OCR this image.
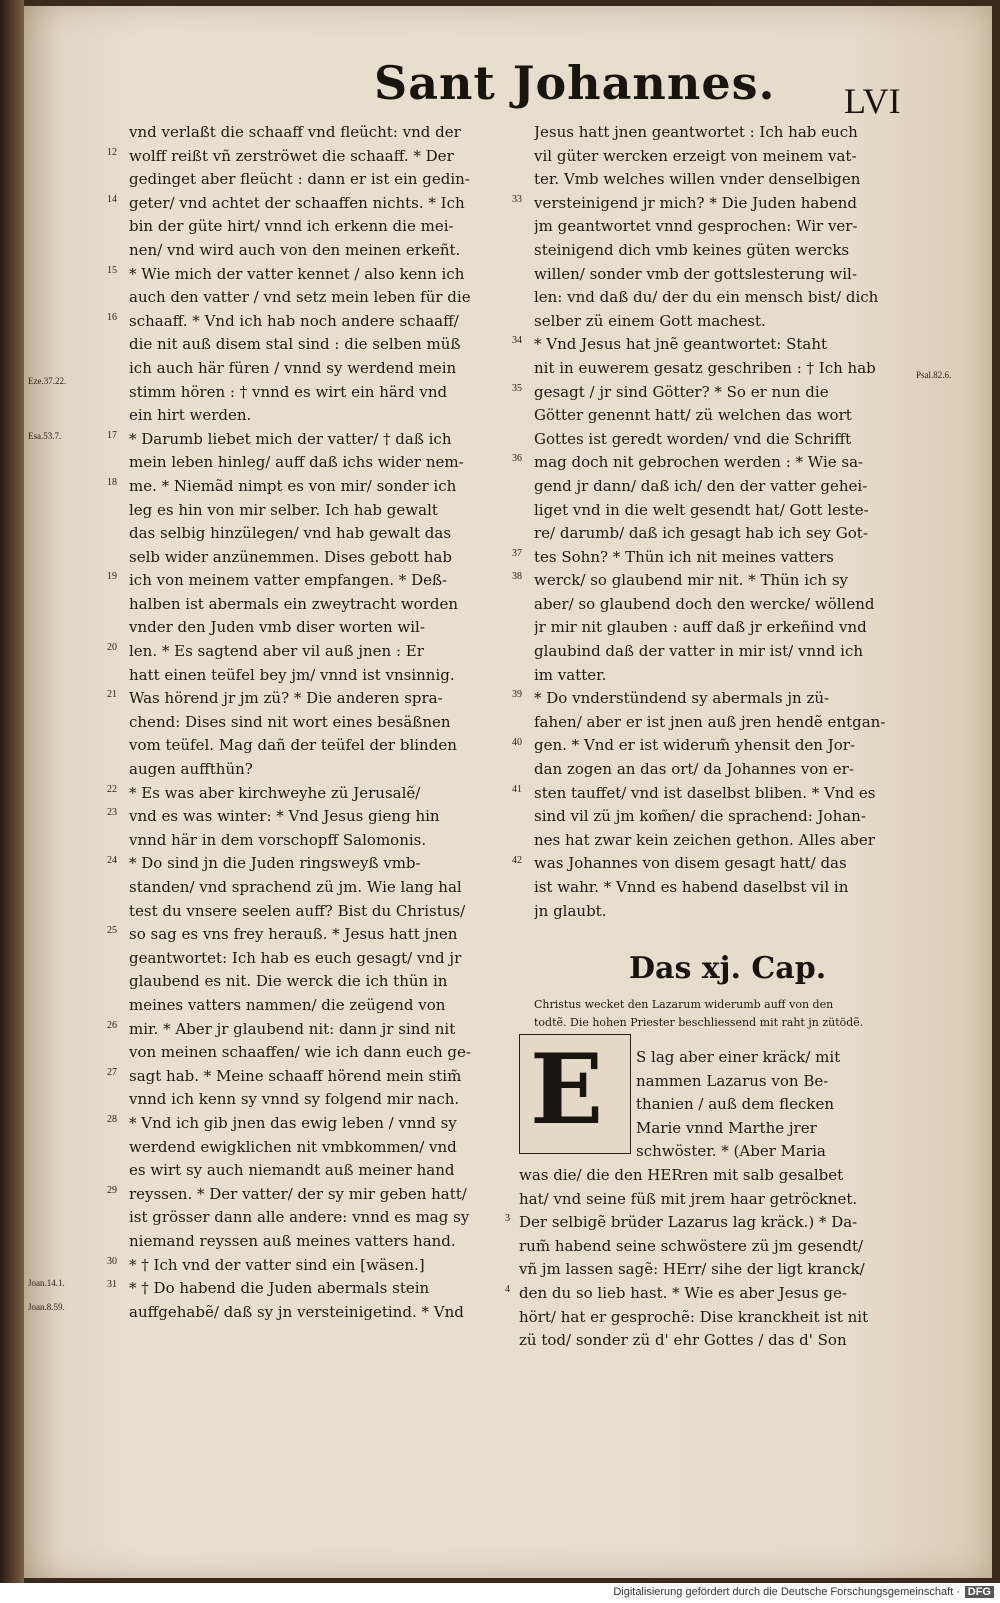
Sant Johannes. LVI
Eze.37.22.
Esa.53.7.
Psal.82.6.
Joan.14.1.
Joan.8.59.
vnd verlaßt die schaaff vnd fleücht: vnd der
wolff reißt vñ zerströwet die schaaff. * Der
12
gedinget aber fleücht : dann er ist ein gedin-
geter/ vnd achtet der schaaffen nichts. * Ich
14
bin der güte hirt/ vnnd ich erkenn die mei-
nen/ vnd wird auch von den meinen erkeñt.
* Wie mich der vatter kennet / also kenn ich
15
auch den vatter / vnd setz mein leben für die
schaaff. * Vnd ich hab noch andere schaaff/
16
die nit auß disem stal sind : die selben müß
ich auch här füren / vnnd sy werdend mein
stimm hören : † vnnd es wirt ein härd vnd
ein hirt werden.
* Darumb liebet mich der vatter/ † daß ich
17
mein leben hinleg/ auff daß ichs wider nem-
me. * Niemãd nimpt es von mir/ sonder ich
18
leg es hin von mir selber. Ich hab gewalt
das selbig hinzülegen/ vnd hab gewalt das
selb wider anzünemmen. Dises gebott hab
ich von meinem vatter empfangen. * Deß-
19
halben ist abermals ein zweytracht worden
vnder den Juden vmb diser worten wil-
len. * Es sagtend aber vil auß jnen : Er
20
hatt einen teüfel bey jm/ vnnd ist vnsinnig.
Was hörend jr jm zü? * Die anderen spra-
21
chend: Dises sind nit wort eines besäßnen
vom teüfel. Mag dañ der teüfel der blinden
augen auffthün?
* Es was aber kirchweyhe zü Jerusalẽ/
22
vnd es was winter: * Vnd Jesus gieng hin
23
vnnd här in dem vorschopff Salomonis.
* Do sind jn die Juden ringsweyß vmb-
24
standen/ vnd sprachend zü jm. Wie lang hal
test du vnsere seelen auff? Bist du Christus/
so sag es vns frey herauß. * Jesus hatt jnen
25
geantwortet: Ich hab es euch gesagt/ vnd jr
glaubend es nit. Die werck die ich thün in
meines vatters nammen/ die zeügend von
mir. * Aber jr glaubend nit: dann jr sind nit
26
von meinen schaaffen/ wie ich dann euch ge-
sagt hab. * Meine schaaff hörend mein stim̃
27
vnnd ich kenn sy vnnd sy folgend mir nach.
* Vnd ich gib jnen das ewig leben / vnnd sy
28
werdend ewigklichen nit vmbkommen/ vnd
es wirt sy auch niemandt auß meiner hand
reyssen. * Der vatter/ der sy mir geben hatt/
29
ist grösser dann alle andere: vnnd es mag sy
niemand reyssen auß meines vatters hand.
* † Ich vnd der vatter sind ein [wäsen.]
30
* † Do habend die Juden abermals stein
31
auffgehabẽ/ daß sy jn versteinigetind. * Vnd
Jesus hatt jnen geantwortet : Ich hab euch
vil güter wercken erzeigt von meinem vat-
ter. Vmb welches willen vnder denselbigen
versteinigend jr mich? * Die Juden habend
33
jm geantwortet vnnd gesprochen: Wir ver-
steinigend dich vmb keines güten wercks
willen/ sonder vmb der gottslesterung wil-
len: vnd daß du/ der du ein mensch bist/ dich
selber zü einem Gott machest.
* Vnd Jesus hat jnẽ geantwortet: Staht
34
nit in euwerem gesatz geschriben : † Ich hab
gesagt / jr sind Götter? * So er nun die
35
Götter genennt hatt/ zü welchen das wort
Gottes ist geredt worden/ vnd die Schrifft
mag doch nit gebrochen werden : * Wie sa-
36
gend jr dann/ daß ich/ den der vatter gehei-
liget vnd in die welt gesendt hat/ Gott leste-
re/ darumb/ daß ich gesagt hab ich sey Got-
tes Sohn? * Thün ich nit meines vatters
37
werck/ so glaubend mir nit. * Thün ich sy
38
aber/ so glaubend doch den wercke/ wöllend
jr mir nit glauben : auff daß jr erkeñind vnd
glaubind daß der vatter in mir ist/ vnnd ich
im vatter.
* Do vnderstündend sy abermals jn zü-
39
fahen/ aber er ist jnen auß jren hendẽ entgan-
gen. * Vnd er ist widerum̃ yhensit den Jor-
40
dan zogen an das ort/ da Johannes von er-
sten tauffet/ vnd ist daselbst bliben. * Vnd es
41
sind vil zü jm kom̃en/ die sprachend: Johan-
nes hat zwar kein zeichen gethon. Alles aber
was Johannes von disem gesagt hatt/ das
42
ist wahr. * Vnnd es habend daselbst vil in
jn glaubt.
Das xj. Cap.
Christus wecket den Lazarum widerumb auff von den
todtẽ. Die hohen Priester beschliessend mit raht jn zütödẽ.
E S lag aber einer kräck/ mit
nammen Lazarus von Be-
thanien / auß dem flecken
Marie vnnd Marthe jrer
schwöster. * (Aber Maria
was die/ die den HERren mit salb gesalbet
hat/ vnd seine füß mit jrem haar getröcknet.
Der selbigẽ brüder Lazarus lag kräck.) * Da-
3
rum̃ habend seine schwöstere zü jm gesendt/
vñ jm lassen sagẽ: HErr/ sihe der ligt kranck/
den du so lieb hast. * Wie es aber Jesus ge-
4
hört/ hat er gesprochẽ: Dise kranckheit ist nit
zü tod/ sonder zü d' ehr Gottes / das d' Son
Digitalisierung gefördert durch die Deutsche Forschungsgemeinschaft · DFG
